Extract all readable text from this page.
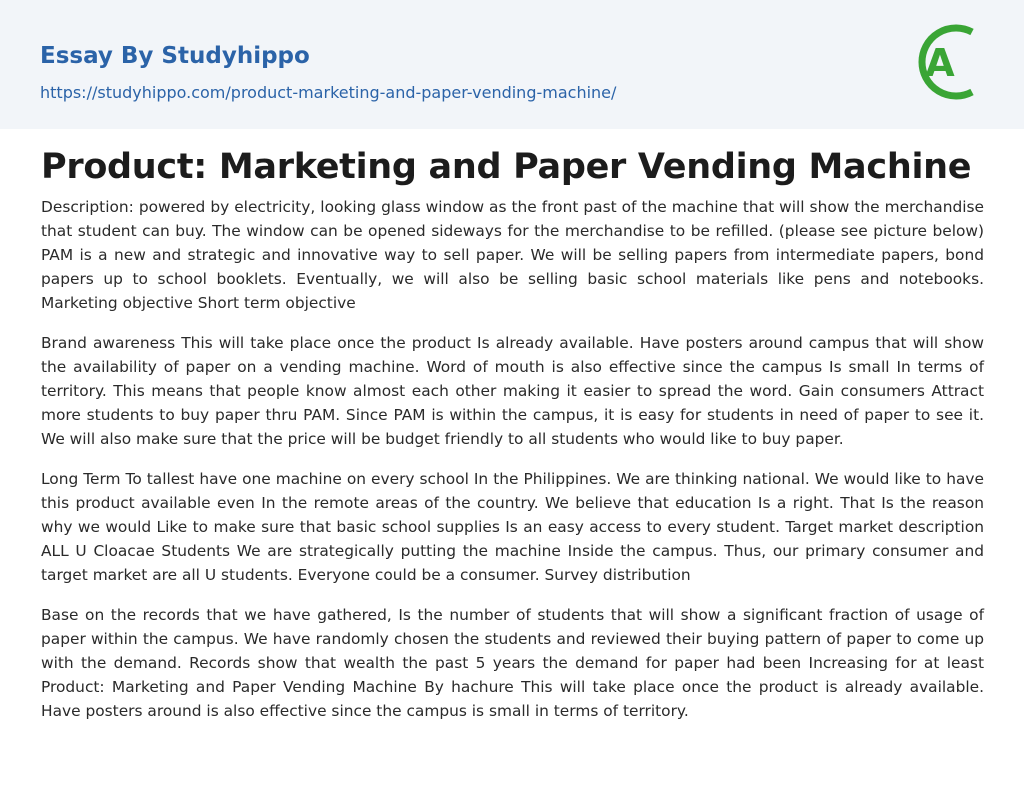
Essay By Studyhippo
https://studyhippo.com/product-marketing-and-paper-vending-machine/
A
Product: Marketing and Paper Vending Machine

Description: powered by electricity, looking glass window as the front past of the machine that will show the merchandise that student can buy. The window can be opened sideways for the merchandise to be refilled. (please see picture below) PAM is a new and strategic and innovative way to sell paper. We will be selling papers from intermediate papers, bond papers up to school booklets. Eventually, we will also be selling basic school materials like pens and notebooks. Marketing objective Short term objective

Brand awareness This will take place once the product Is already available. Have posters around campus that will show the availability of paper on a vending machine. Word of mouth is also effective since the campus Is small In terms of territory. This means that people know almost each other making it easier to spread the word. Gain consumers Attract more students to buy paper thru PAM. Since PAM is within the campus, it is easy for students in need of paper to see it. We will also make sure that the price will be budget friendly to all students who would like to buy paper.

Long Term To tallest have one machine on every school In the Philippines. We are thinking national. We would like to have this product available even In the remote areas of the country. We believe that education Is a right. That Is the reason why we would Like to make sure that basic school supplies Is an easy access to every student. Target market description ALL U Cloacae Students We are strategically putting the machine Inside the campus. Thus, our primary consumer and target market are all U students. Everyone could be a consumer. Survey distribution

Base on the records that we have gathered, Is the number of students that will show a significant fraction of usage of paper within the campus. We have randomly chosen the students and reviewed their buying pattern of paper to come up with the demand. Records show that wealth the past 5 years the demand for paper had been Increasing for at least Product: Marketing and Paper Vending Machine By hachure This will take place once the product is already available. Have posters around is also effective since the campus is small in terms of territory.
